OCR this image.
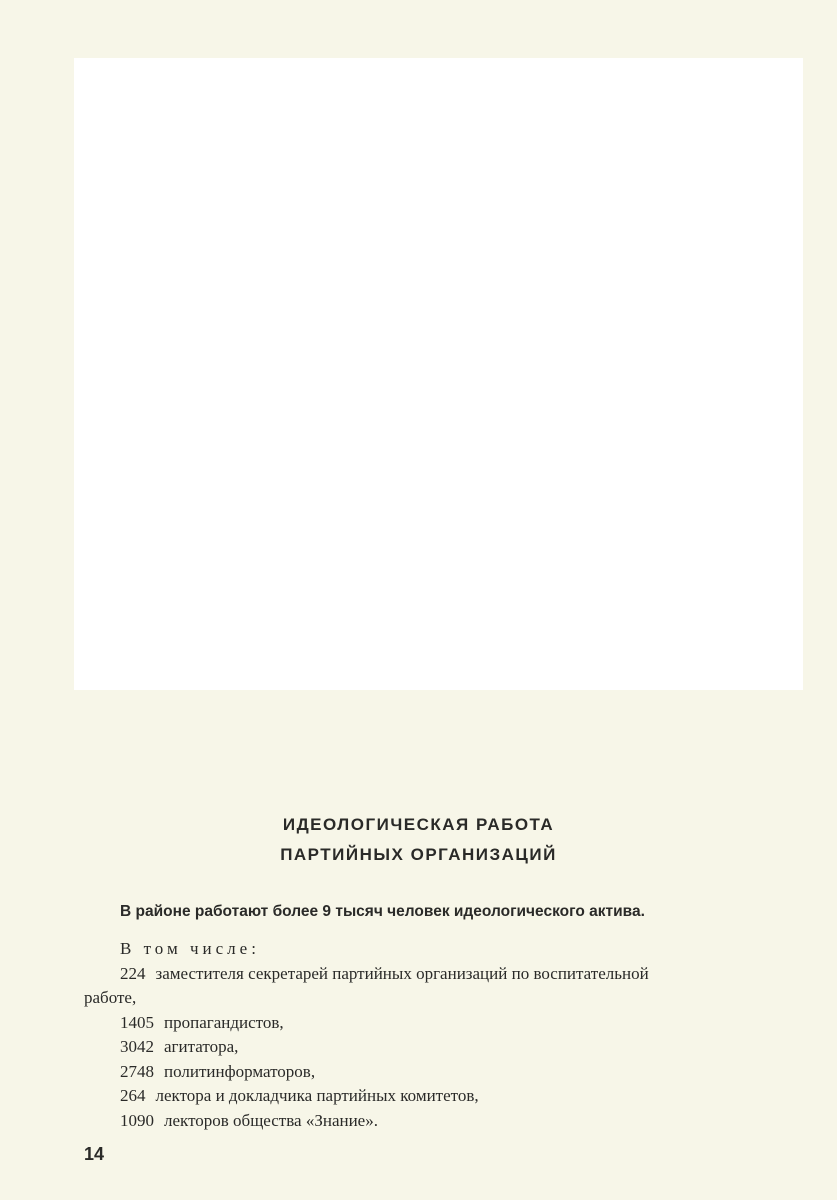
ИДЕОЛОГИЧЕСКАЯ РАБОТА
ПАРТИЙНЫХ ОРГАНИЗАЦИЙ
В районе работают более 9 тысяч человек идеологического актива.
В том числе:
224 заместителя секретарей партийных организаций по воспитательной
работе,
1405 пропагандистов,
3042 агитатора,
2748 политинформаторов,
264 лектора и докладчика партийных комитетов,
1090 лекторов общества «Знание».
14
